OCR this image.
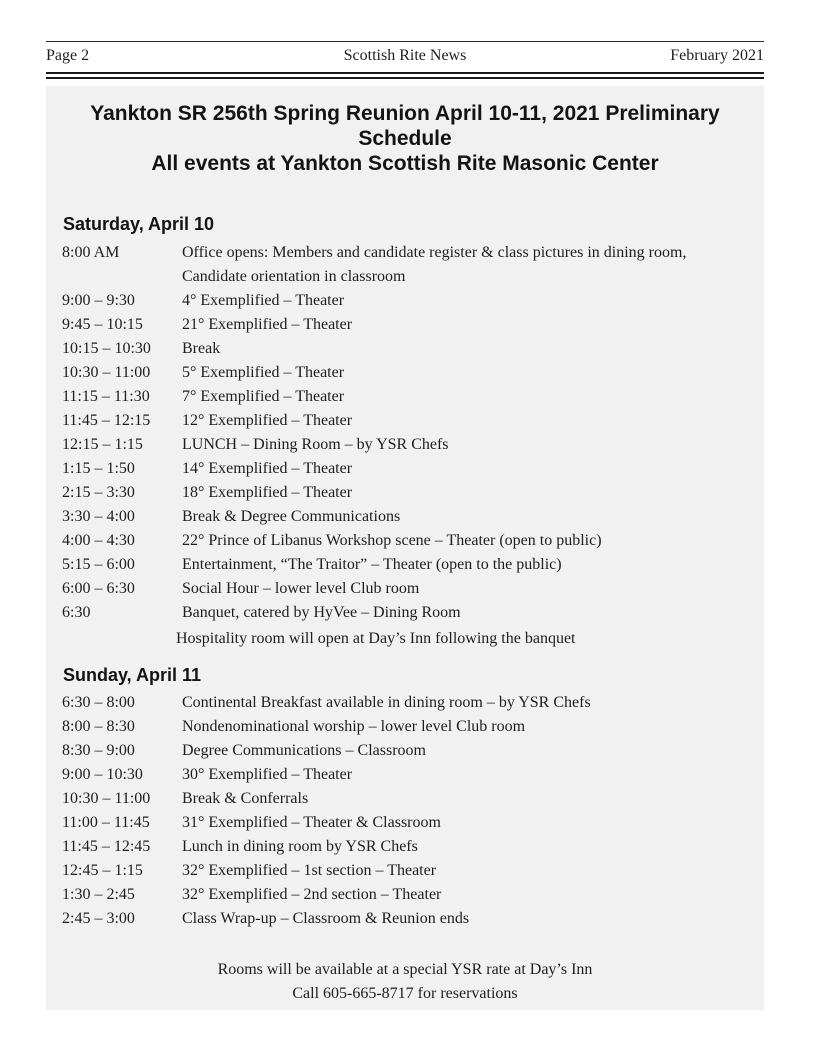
Scottish Rite News
Page 2	February 2021
Yankton SR 256th Spring Reunion April 10-11, 2021 Preliminary
Schedule
All events at Yankton Scottish Rite Masonic Center
Saturday, April 10
8:00 AM	Office opens: Members and candidate register & class pictures in dining room, Candidate orientation in classroom
9:00 – 9:30	4° Exemplified – Theater
9:45 – 10:15 21° Exemplified – Theater
10:15 – 10:30 Break
10:30 – 11:00 5° Exemplified – Theater
11:15 – 11:30 7° Exemplified – Theater
11:45 – 12:15 12° Exemplified – Theater
12:15 – 1:15 LUNCH – Dining Room – by YSR Chefs
1:15 – 1:50	14° Exemplified – Theater
2:15 – 3:30	18° Exemplified – Theater
3:30 – 4:00	Break & Degree Communications
4:00 – 4:30	22° Prince of Libanus Workshop scene – Theater (open to public)
5:15 – 6:00	Entertainment, “The Traitor” – Theater (open to the public)
6:00 – 6:30	Social Hour – lower level Club room
6:30	Banquet, catered by HyVee – Dining Room
Hospitality room will open at Day’s Inn following the banquet
Sunday, April 11
6:30 – 8:00	Continental Breakfast available in dining room – by YSR Chefs
8:00 – 8:30	Nondenominational worship – lower level Club room
8:30 – 9:00	Degree Communications – Classroom
9:00 – 10:30 30° Exemplified – Theater
10:30 – 11:00 Break & Conferrals
11:00 – 11:45 31° Exemplified – Theater & Classroom
11:45 – 12:45 Lunch in dining room by YSR Chefs
12:45 – 1:15 32° Exemplified – 1st section – Theater
1:30 – 2:45	32° Exemplified – 2nd section – Theater
2:45 – 3:00	Class Wrap-up – Classroom & Reunion ends
Rooms will be available at a special YSR rate at Day’s Inn
Call 605-665-8717 for reservations
